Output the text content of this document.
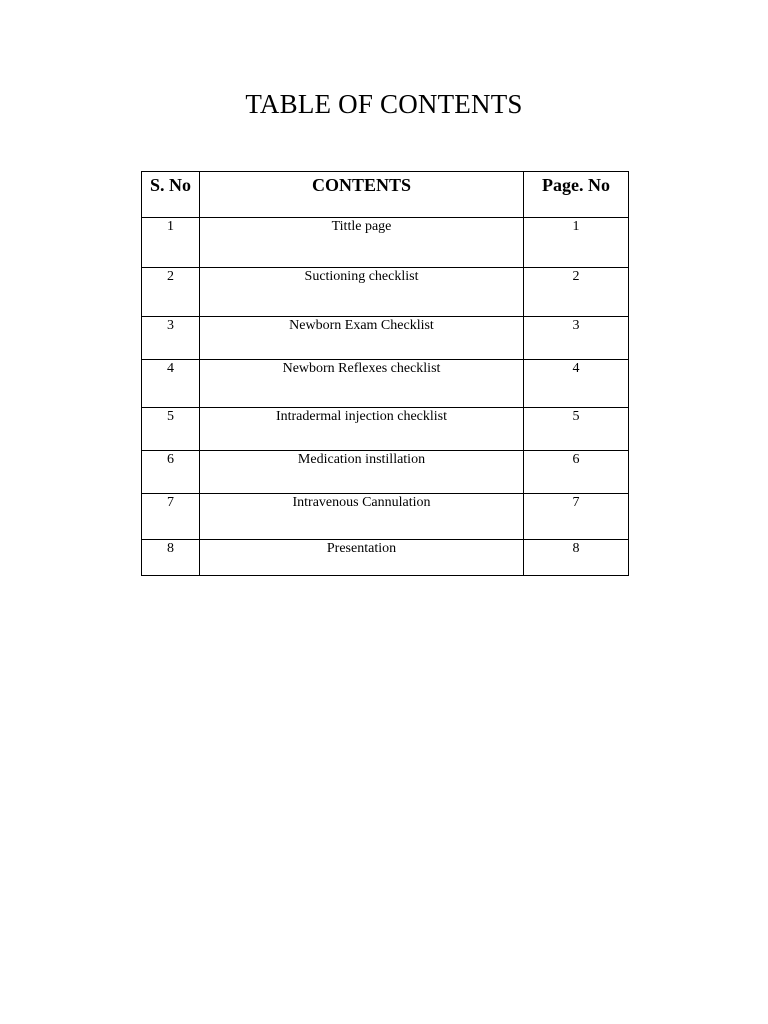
TABLE OF CONTENTS
S. No	CONTENTS	Page. No
1	Tittle page	1
2	Suctioning checklist	2
3	Newborn Exam Checklist	3
4	Newborn Reflexes checklist	4
5	Intradermal injection checklist	5
6	Medication instillation	6
7	Intravenous Cannulation	7
8	Presentation	8
